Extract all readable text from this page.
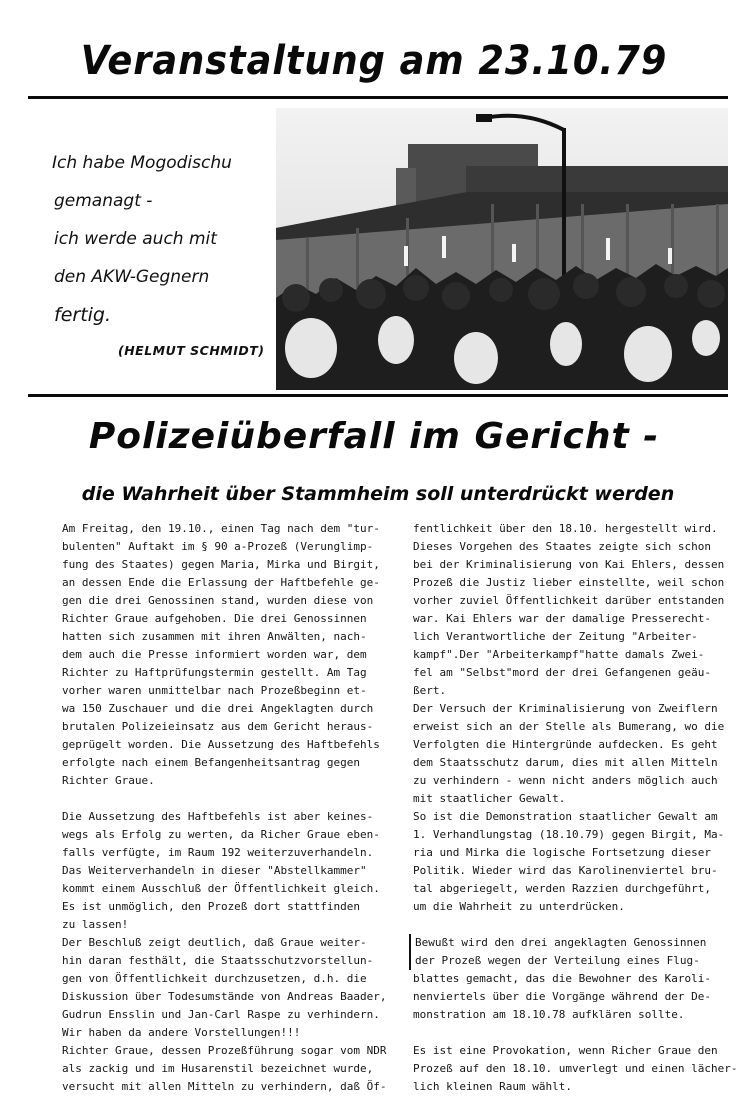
Veranstaltung am 23.10.79
Ich habe Mogodischu
gemanagt -
ich werde auch mit
den AKW-Gegnern
fertig.
(HELMUT SCHMIDT)
Polizeiüberfall im Gericht -
die Wahrheit über Stammheim soll unterdrückt werden

Am Freitag, den 19.10., einen Tag nach dem "tur-

bulenten" Auftakt im § 90 a-Prozeß (Verunglimp-

fung des Staates) gegen Maria, Mirka und Birgit,

an dessen Ende die Erlassung der Haftbefehle ge-

gen die drei Genossinen stand, wurden diese von

Richter Graue aufgehoben. Die drei Genossinnen

hatten sich zusammen mit ihren Anwälten, nach-

dem auch die Presse informiert worden war, dem

Richter zu Haftprüfungstermin gestellt. Am Tag

vorher waren unmittelbar nach Prozeßbeginn et-

wa 150 Zuschauer und die drei Angeklagten durch

brutalen Polizeieinsatz aus dem Gericht heraus-

geprügelt worden. Die Aussetzung des Haftbefehls

erfolgte nach einem Befangenheitsantrag gegen

Richter Graue.

Die Aussetzung des Haftbefehls ist aber keines-

wegs als Erfolg zu werten, da Richer Graue eben-

falls verfügte, im Raum 192 weiterzuverhandeln.

Das Weiterverhandeln in dieser "Abstellkammer"

kommt einem Ausschluß der Öffentlichkeit gleich.

Es ist unmöglich, den Prozeß dort stattfinden

zu lassen!

Der Beschluß zeigt deutlich, daß Graue weiter-

hin daran festhält, die Staatsschutzvorstellun-

gen von Öffentlichkeit durchzusetzen, d.h. die

Diskussion über Todesumstände von Andreas Baader,

Gudrun Ensslin und Jan-Carl Raspe zu verhindern.

Wir haben da andere Vorstellungen!!!

Richter Graue, dessen Prozeßführung sogar vom NDR

als zackig und im Husarenstil bezeichnet wurde,

versucht mit allen Mitteln zu verhindern, daß Öf-

fentlichkeit über den 18.10. hergestellt wird.

Dieses Vorgehen des Staates zeigte sich schon

bei der Kriminalisierung von Kai Ehlers, dessen

Prozeß die Justiz lieber einstellte, weil schon

vorher zuviel Öffentlichkeit darüber entstanden

war. Kai Ehlers war der damalige Presserecht-

lich Verantwortliche der Zeitung "Arbeiter-

kampf".Der "Arbeiterkampf"hatte damals Zwei-

fel am "Selbst"mord der drei Gefangenen geäu-

ßert.

Der Versuch der Kriminalisierung von Zweiflern

erweist sich an der Stelle als Bumerang, wo die

Verfolgten die Hintergründe aufdecken. Es geht

dem Staatsschutz darum, dies mit allen Mitteln

zu verhindern - wenn nicht anders möglich auch

mit staatlicher Gewalt.

So ist die Demonstration staatlicher Gewalt am

1. Verhandlungstag (18.10.79) gegen Birgit, Ma-

ria und Mirka die logische Fortsetzung dieser

Politik. Wieder wird das Karolinenviertel bru-

tal abgeriegelt, werden Razzien durchgeführt,

um die Wahrheit zu unterdrücken.

Bewußt wird den drei angeklagten Genossinnen

der Prozeß wegen der Verteilung eines Flug-

blattes gemacht, das die Bewohner des Karoli-

nenviertels über die Vorgänge während der De-

monstration am 18.10.78 aufklären sollte.

Es ist eine Provokation, wenn Richer Graue den

Prozeß auf den 18.10. umverlegt und einen lächer-

lich kleinen Raum wählt.
